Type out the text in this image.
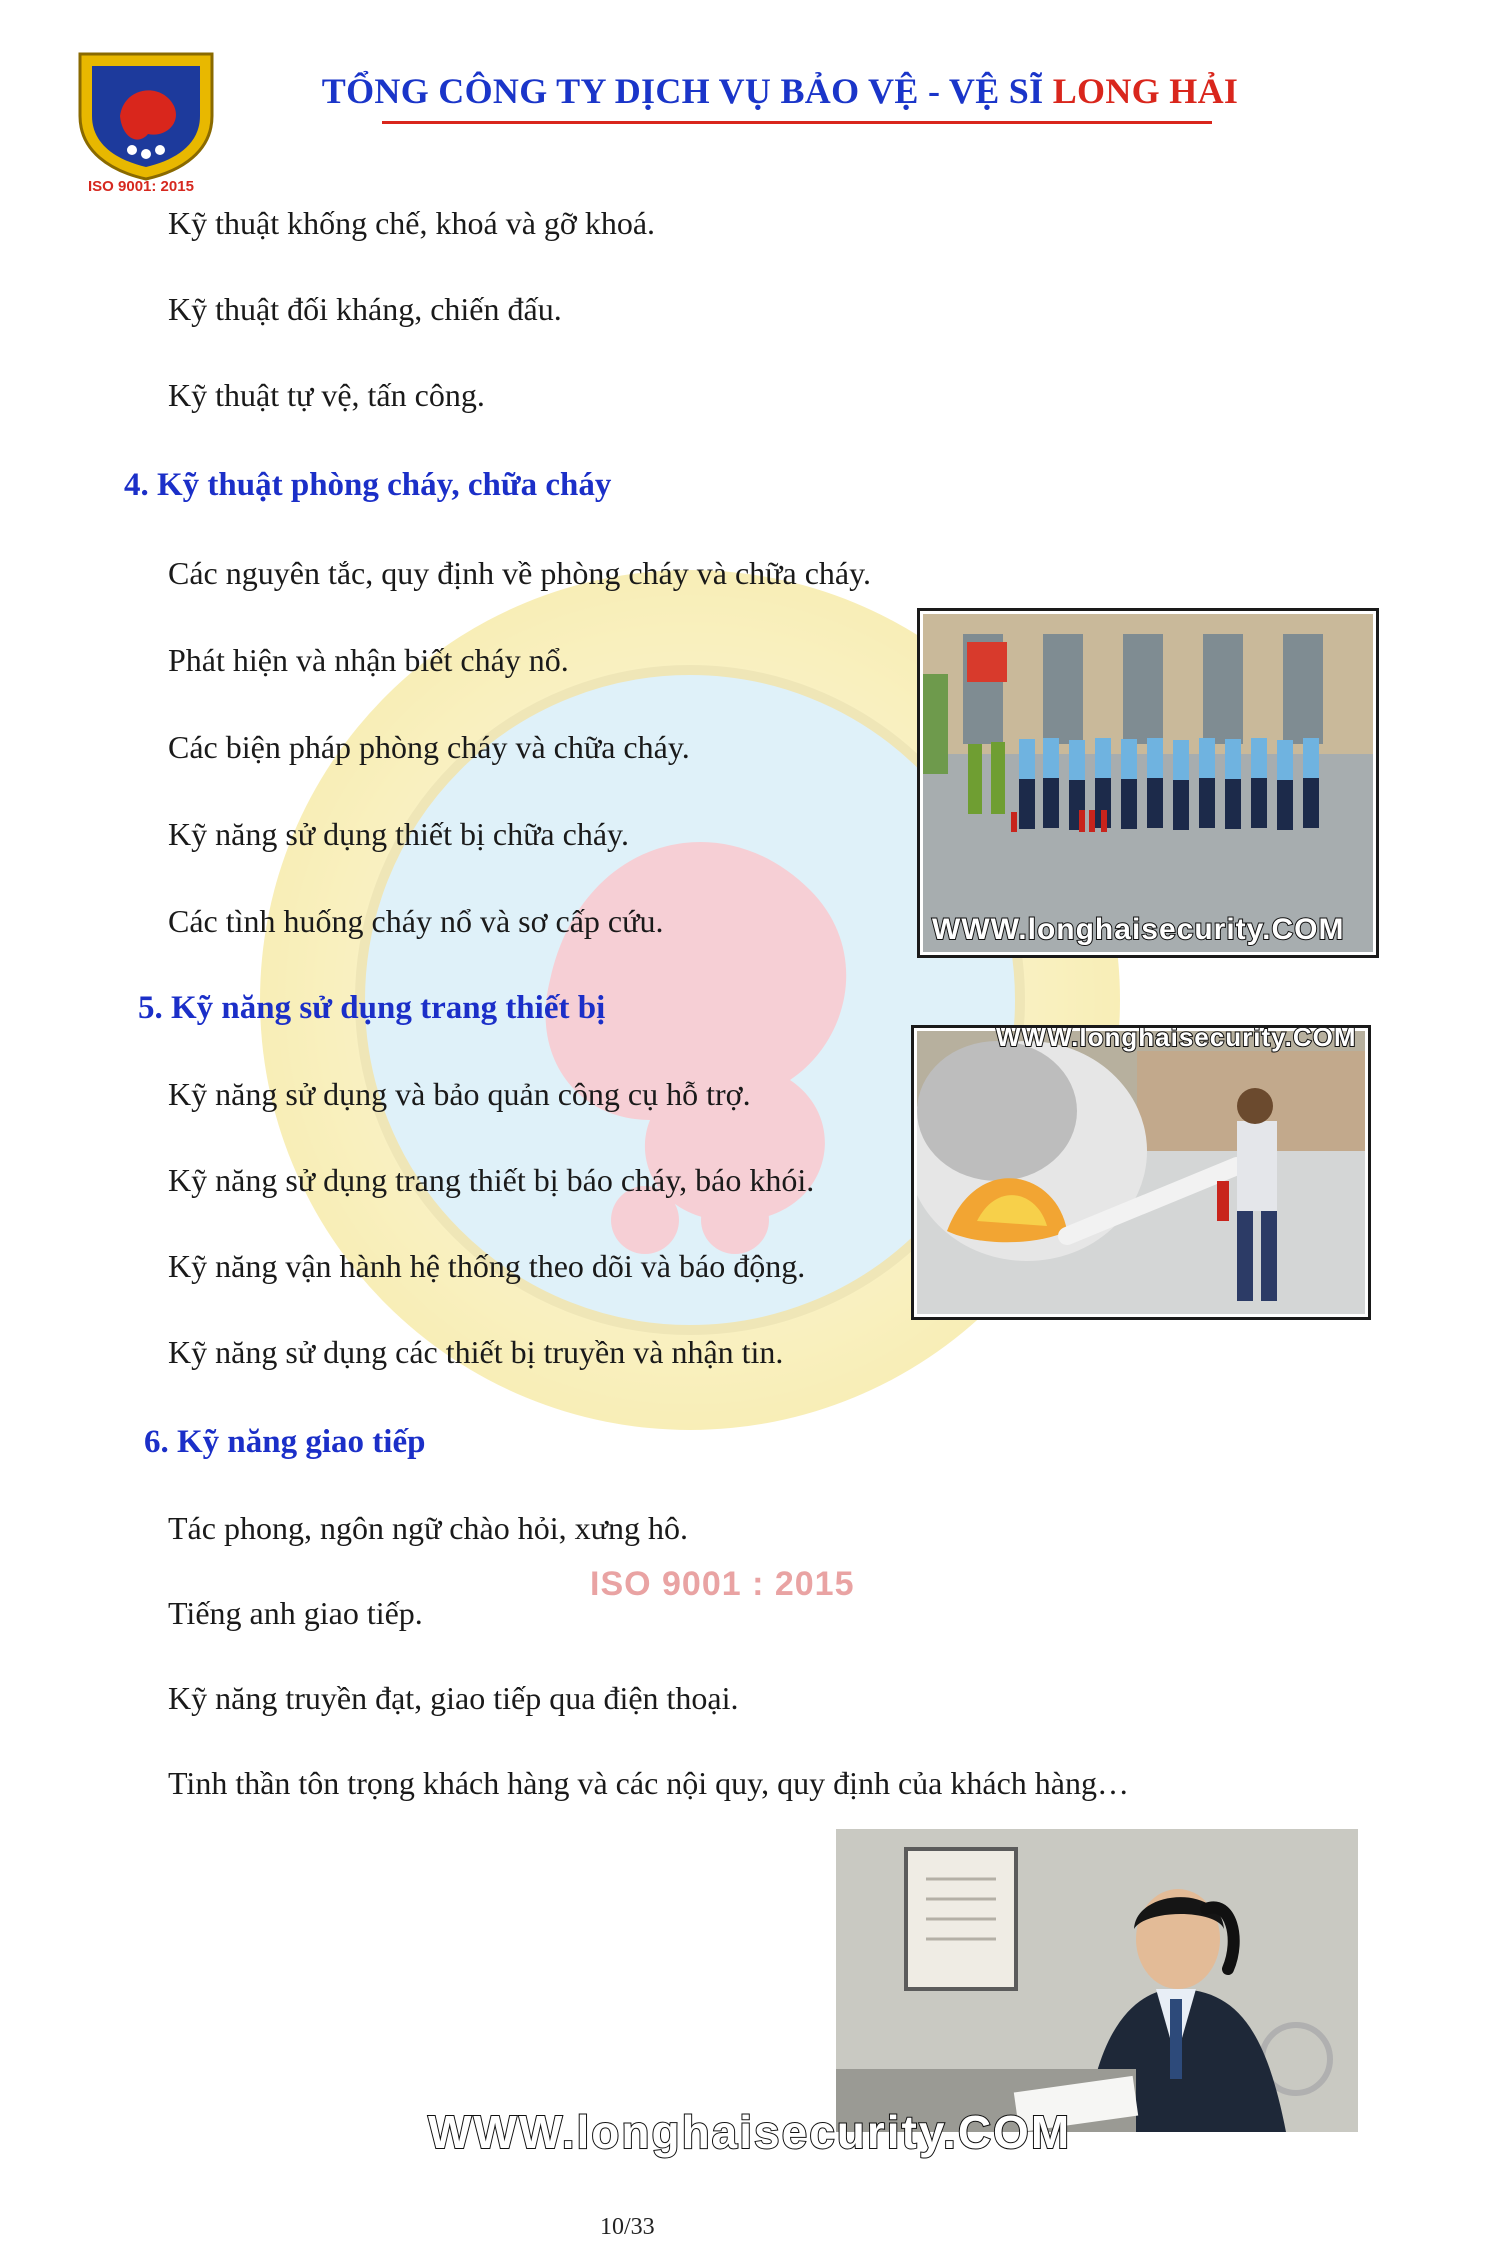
ISO 9001 : 2015
ISO 9001: 2015
TỔNG CÔNG TY DỊCH VỤ BẢO VỆ - VỆ SĨ LONG HẢI
Kỹ thuật khống chế, khoá và gỡ khoá.
Kỹ thuật đối kháng, chiến đấu.
Kỹ thuật tự vệ, tấn công.
4. Kỹ thuật phòng cháy, chữa cháy
Các nguyên tắc, quy định về phòng cháy và chữa cháy.
Phát hiện và nhận biết cháy nổ.
Các biện pháp phòng cháy và chữa cháy.
Kỹ năng sử dụng thiết bị chữa cháy.
Các tình huống cháy nổ và sơ cấp cứu.	WWW.longhaisecurity.COM
5. Kỹ năng sử dụng trang thiết bị
Kỹ năng sử dụng và bảo quản công cụ hỗ trợ.
Kỹ năng sử dụng trang thiết bị báo cháy, báo khói.
Kỹ năng vận hành hệ thống theo dõi và báo động.
Kỹ năng sử dụng các thiết bị truyền và nhận tin.
WWW.longhaisecurity.COM
6. Kỹ năng giao tiếp
Tác phong, ngôn ngữ chào hỏi, xưng hô.
Tiếng anh giao tiếp.
Kỹ năng truyền đạt, giao tiếp qua điện thoại.
Tinh thần tôn trọng khách hàng và các nội quy, quy định của khách hàng…
WWW.longhaisecurity.COM
10/33
